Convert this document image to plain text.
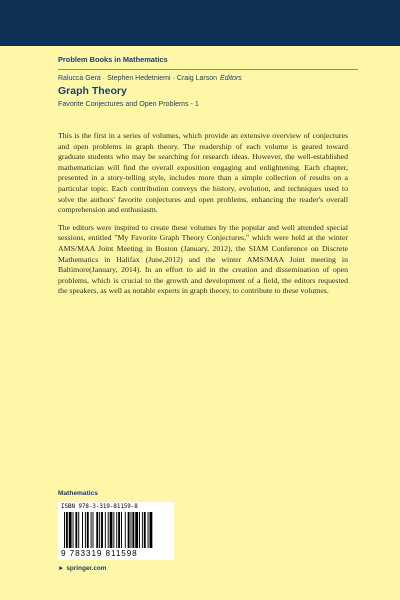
Problem Books in Mathematics
Ralucca Gera · Stephen Hedetniemi · Craig Larson Editors
Graph Theory
Favorite Conjectures and Open Problems - 1

This is the first in a series of volumes, which provide an extensive overview of conjectures and open problems in graph theory. The readership of each volume is geared toward graduate students who may be searching for research ideas. However, the well-established mathematician will find the overall exposition engaging and enlightening. Each chapter, presented in a story-telling style, includes more than a simple collection of results on a particular topic. Each contribution conveys the history, evolution, and techniques used to solve the authors' favorite conjectures and open problems, enhancing the reader's overall comprehension and enthusiasm.

The editors were inspired to create these volumes by the popular and well attended special sessions, entitled "My Favorite Graph Theory Conjectures," which were held at the winter AMS/MAA Joint Meeting in Boston (January, 2012), the SIAM Conference on Discrete Mathematics in Halifax (June,2012) and the winter AMS/MAA Joint meeting in Baltimore(January, 2014). In an effort to aid in the creation and dissemination of open problems, which is crucial to the growth and development of a field, the editors requested the speakers, as well as notable experts in graph theory, to contribute to these volumes.

Mathematics
ISBN 978-3-319-81159-8
9 783319 811598
► springer.com
